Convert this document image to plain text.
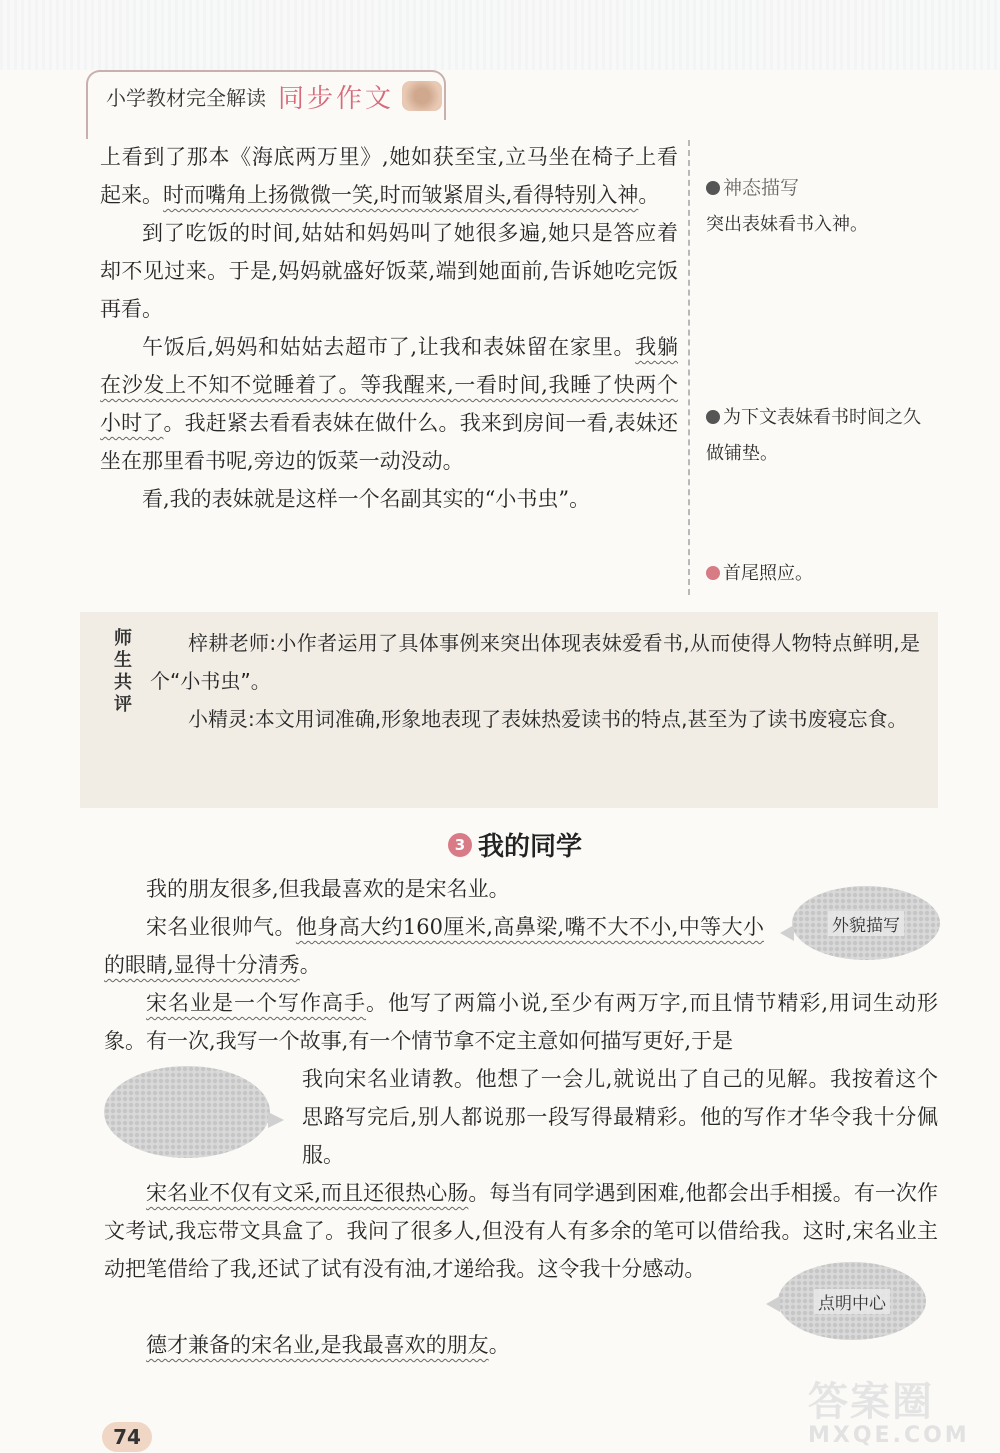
小学教材完全解读 同步作文

上看到了那本《海底两万里》,她如获至宝,立马坐在椅子上看起来。时而嘴角上扬微微一笑,时而皱紧眉头,看得特别入神。

到了吃饭的时间,姑姑和妈妈叫了她很多遍,她只是答应着却不见过来。于是,妈妈就盛好饭菜,端到她面前,告诉她吃完饭再看。

午饭后,妈妈和姑姑去超市了,让我和表妹留在家里。我躺在沙发上不知不觉睡着了。等我醒来,一看时间,我睡了快两个小时了。我赶紧去看看表妹在做什么。我来到房间一看,表妹还坐在那里看书呢,旁边的饭菜一动没动。

看,我的表妹就是这样一个名副其实的“小书虫”。

神态描写
突出表妹看书入神。
为下文表妹看书时间之久做铺垫。
首尾照应。
师生共评

梓耕老师:小作者运用了具体事例来突出体现表妹爱看书,从而使得人物特点鲜明,是个“小书虫”。

小精灵:本文用词准确,形象地表现了表妹热爱读书的特点,甚至为了读书废寝忘食。

3 我的同学

我的朋友很多,但我最喜欢的是宋名业。

宋名业很帅气。他身高大约160厘米,高鼻梁,嘴不大不小,中等大小的眼睛,显得十分清秀。

宋名业是一个写作高手。他写了两篇小说,至少有两万字,而且情节精彩,用词生动形象。有一次,我写一个故事,有一个情节拿不定主意如何描写更好,于是

我向宋名业请教。他想了一会儿,就说出了自己的见解。我按着这个思路写完后,别人都说那一段写得最精彩。他的写作才华令我十分佩服。

宋名业不仅有文采,而且还很热心肠。每当有同学遇到困难,他都会出手相援。有一次作文考试,我忘带文具盒了。我问了很多人,但没有人有多余的笔可以借给我。这时,宋名业主动把笔借给了我,还试了试有没有油,才递给我。这令我十分感动。

德才兼备的宋名业,是我最喜欢的朋友。

外貌描写
点明中心
74
答案圈
MXQE.COM
